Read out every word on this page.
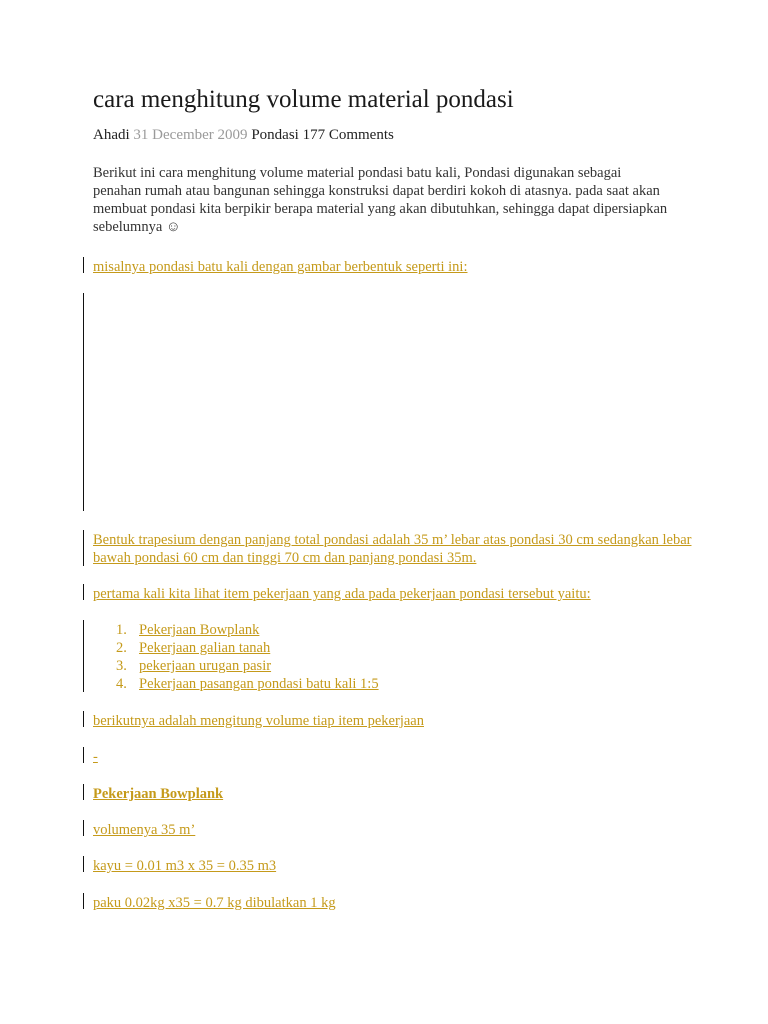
cara menghitung volume material pondasi
Ahadi 31 December 2009 Pondasi 177 Comments

Berikut ini cara menghitung volume material pondasi batu kali, Pondasi digunakan sebagai penahan rumah atau bangunan sehingga konstruksi dapat berdiri kokoh di atasnya. pada saat akan membuat pondasi kita berpikir berapa material yang akan dibutuhkan, sehingga dapat dipersiapkan sebelumnya ☺

misalnya pondasi batu kali dengan gambar berbentuk seperti ini:
Bentuk trapesium dengan panjang total pondasi adalah 35 m’ lebar atas pondasi 30 cm sedangkan lebar bawah pondasi 60 cm dan tinggi 70 cm dan panjang pondasi 35m.
pertama kali kita lihat item pekerjaan yang ada pada pekerjaan pondasi tersebut yaitu:
1. Pekerjaan Bowplank
2. Pekerjaan galian tanah
3. pekerjaan urugan pasir
4. Pekerjaan pasangan pondasi batu kali 1:5
berikutnya adalah mengitung volume tiap item pekerjaan
-
Pekerjaan Bowplank
volumenya 35 m’
kayu = 0.01 m3 x 35 = 0.35 m3
paku 0.02kg x35 = 0.7 kg dibulatkan 1 kg
